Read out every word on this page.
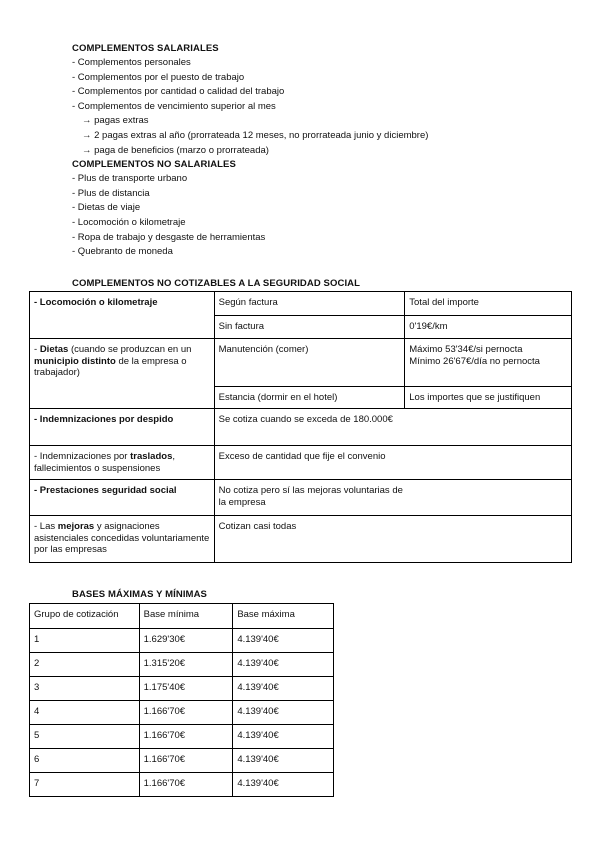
COMPLEMENTOS SALARIALES
- Complementos personales
- Complementos por el puesto de trabajo
- Complementos por cantidad o calidad del trabajo
- Complementos de vencimiento superior al mes
→ pagas extras
→ 2 pagas extras al año (prorrateada 12 meses, no prorrateada junio y diciembre)
→ paga de beneficios (marzo o prorrateada)
COMPLEMENTOS NO SALARIALES
- Plus de transporte urbano
- Plus de distancia
- Dietas de viaje
- Locomoción o kilometraje
- Ropa de trabajo y desgaste de herramientas
- Quebranto de moneda
COMPLEMENTOS NO COTIZABLES A LA SEGURIDAD SOCIAL
- Locomoción o kilometraje	Según factura	Total del importe
	Sin factura	0'19€/km
- Dietas (cuando se produzcan en un municipio distinto de la empresa o trabajador)	Manutención (comer)	Máximo 53'34€/si pernocta
Mínimo 26'67€/día no pernocta

	Estancia (dormir en el hotel)	Los importes que se justifiquen
- Indemnizaciones por despido	Se cotiza cuando se exceda de 180.000€	

- Indemnizaciones por traslados, fallecimientos o suspensiones	Exceso de cantidad que fije el convenio	

- Prestaciones seguridad social	No cotiza pero sí las mejoras voluntarias de la empresa	

- Las mejoras y asignaciones asistenciales concedidas voluntariamente por las empresas	Cotizan casi todas	
BASES MÁXIMAS Y MÍNIMAS
Grupo de cotización	Base mínima	Base máxima
1	1.629'30€	4.139'40€
2	1.315'20€	4.139'40€
3	1.175'40€	4.139'40€
4	1.166'70€	4.139'40€
5	1.166'70€	4.139'40€
6	1.166'70€	4.139'40€
7	1.166'70€	4.139'40€
